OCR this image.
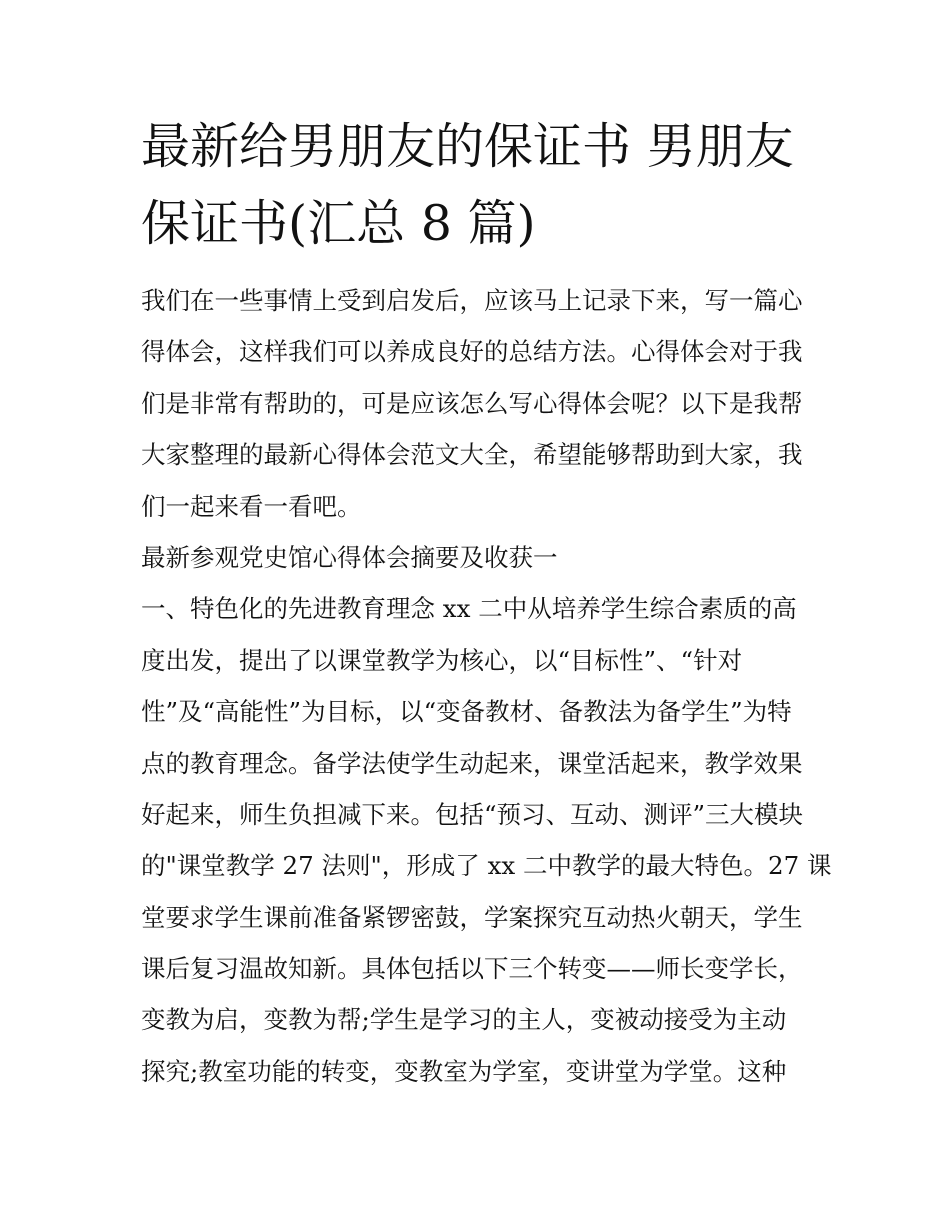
最新给男朋友的保证书 男朋友
保证书(汇总 8 篇)
我们在一些事情上受到启发后，应该马上记录下来，写一篇心
得体会，这样我们可以养成良好的总结方法。心得体会对于我
们是非常有帮助的，可是应该怎么写心得体会呢？以下是我帮
大家整理的最新心得体会范文大全，希望能够帮助到大家，我
们一起来看一看吧。
最新参观党史馆心得体会摘要及收获一
一、特色化的先进教育理念 xx 二中从培养学生综合素质的高
度出发，提出了以课堂教学为核心，以“目标性”、“针对
性”及“高能性”为目标，以“变备教材、备教法为备学生”为特
点的教育理念。备学法使学生动起来，课堂活起来，教学效果
好起来，师生负担减下来。包括“预习、互动、测评”三大模块
的"课堂教学 27 法则"，形成了 xx 二中教学的最大特色。27 课
堂要求学生课前准备紧锣密鼓，学案探究互动热火朝天，学生
课后复习温故知新。具体包括以下三个转变——师长变学长，
变教为启，变教为帮;学生是学习的主人，变被动接受为主动
探究;教室功能的转变，变教室为学室，变讲堂为学堂。这种
